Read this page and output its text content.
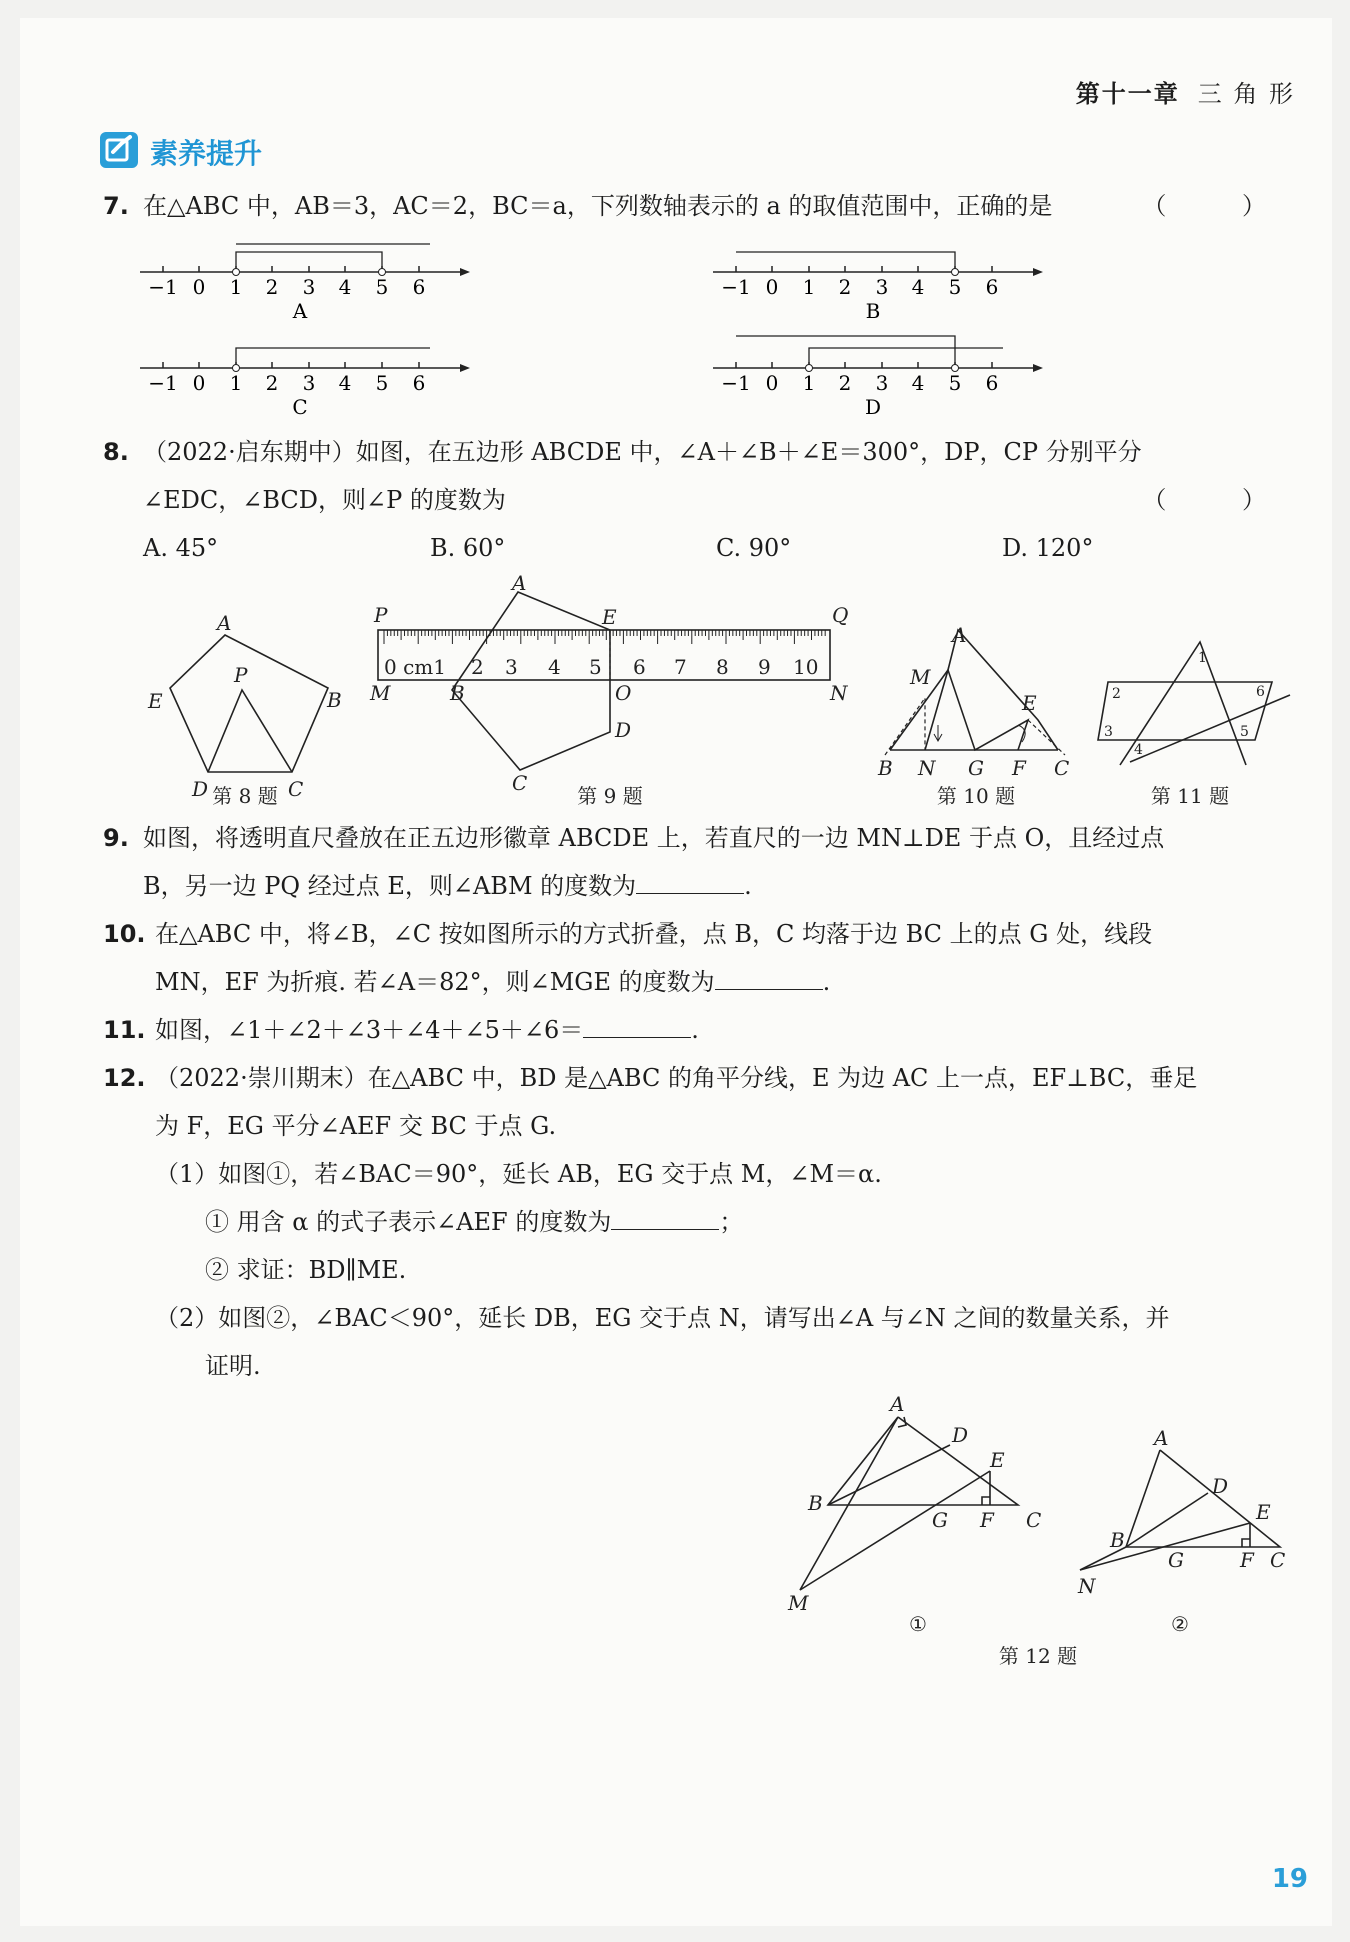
第十一章 三 角 形
素养提升
7. 在△ABC 中，AB＝3，AC＝2，BC＝a，下列数轴表示的 a 的取值范围中，正确的是	（ ）
−1 0 1 2 3 4 5 6
A
−1 0 1 2 3 4 5 6
B
−1 0 1 2 3 4 5 6
C
−1 0 1 2 3 4 5 6
D
8. （2022·启东期中）如图，在五边形 ABCDE 中，∠A＋∠B＋∠E＝300°，DP，CP 分别平分
∠EDC，∠BCD，则∠P 的度数为	（ ）
A. 45°	B. 60°	C. 90°	D. 120°
A
B
C
D
E
P
第 8 题
0 cm1 2 3 4 5 6 7 8 9 10
P	Q
M	N
A
E
B	O
D
C
第 9 题
A
M
E
B N G F C
第 10 题
1
2
3
4
5
6
第 11 题
9. 如图，将透明直尺叠放在正五边形徽章 ABCDE 上，若直尺的一边 MN⊥DE 于点 O，且经过点
B，另一边 PQ 经过点 E，则∠ABM 的度数为	.
10. 在△ABC 中，将∠B，∠C 按如图所示的方式折叠，点 B，C 均落于边 BC 上的点 G 处，线段
MN，EF 为折痕. 若∠A＝82°，则∠MGE 的度数为	.
11. 如图，∠1＋∠2＋∠3＋∠4＋∠5＋∠6＝	.
12. （2022·崇川期末）在△ABC 中，BD 是△ABC 的角平分线，E 为边 AC 上一点，EF⊥BC，垂足
为 F，EG 平分∠AEF 交 BC 于点 G.
（1）如图①，若∠BAC＝90°，延长 AB，EG 交于点 M，∠M＝α.
① 用含 α 的式子表示∠AEF 的度数为	；
② 求证：BD∥ME.
（2）如图②，∠BAC＜90°，延长 DB，EG 交于点 N，请写出∠A 与∠N 之间的数量关系，并
证明.
A
D
E
B
G F C
M
A
D
E
B
G	F C
N
①	②
第 12 题
19
